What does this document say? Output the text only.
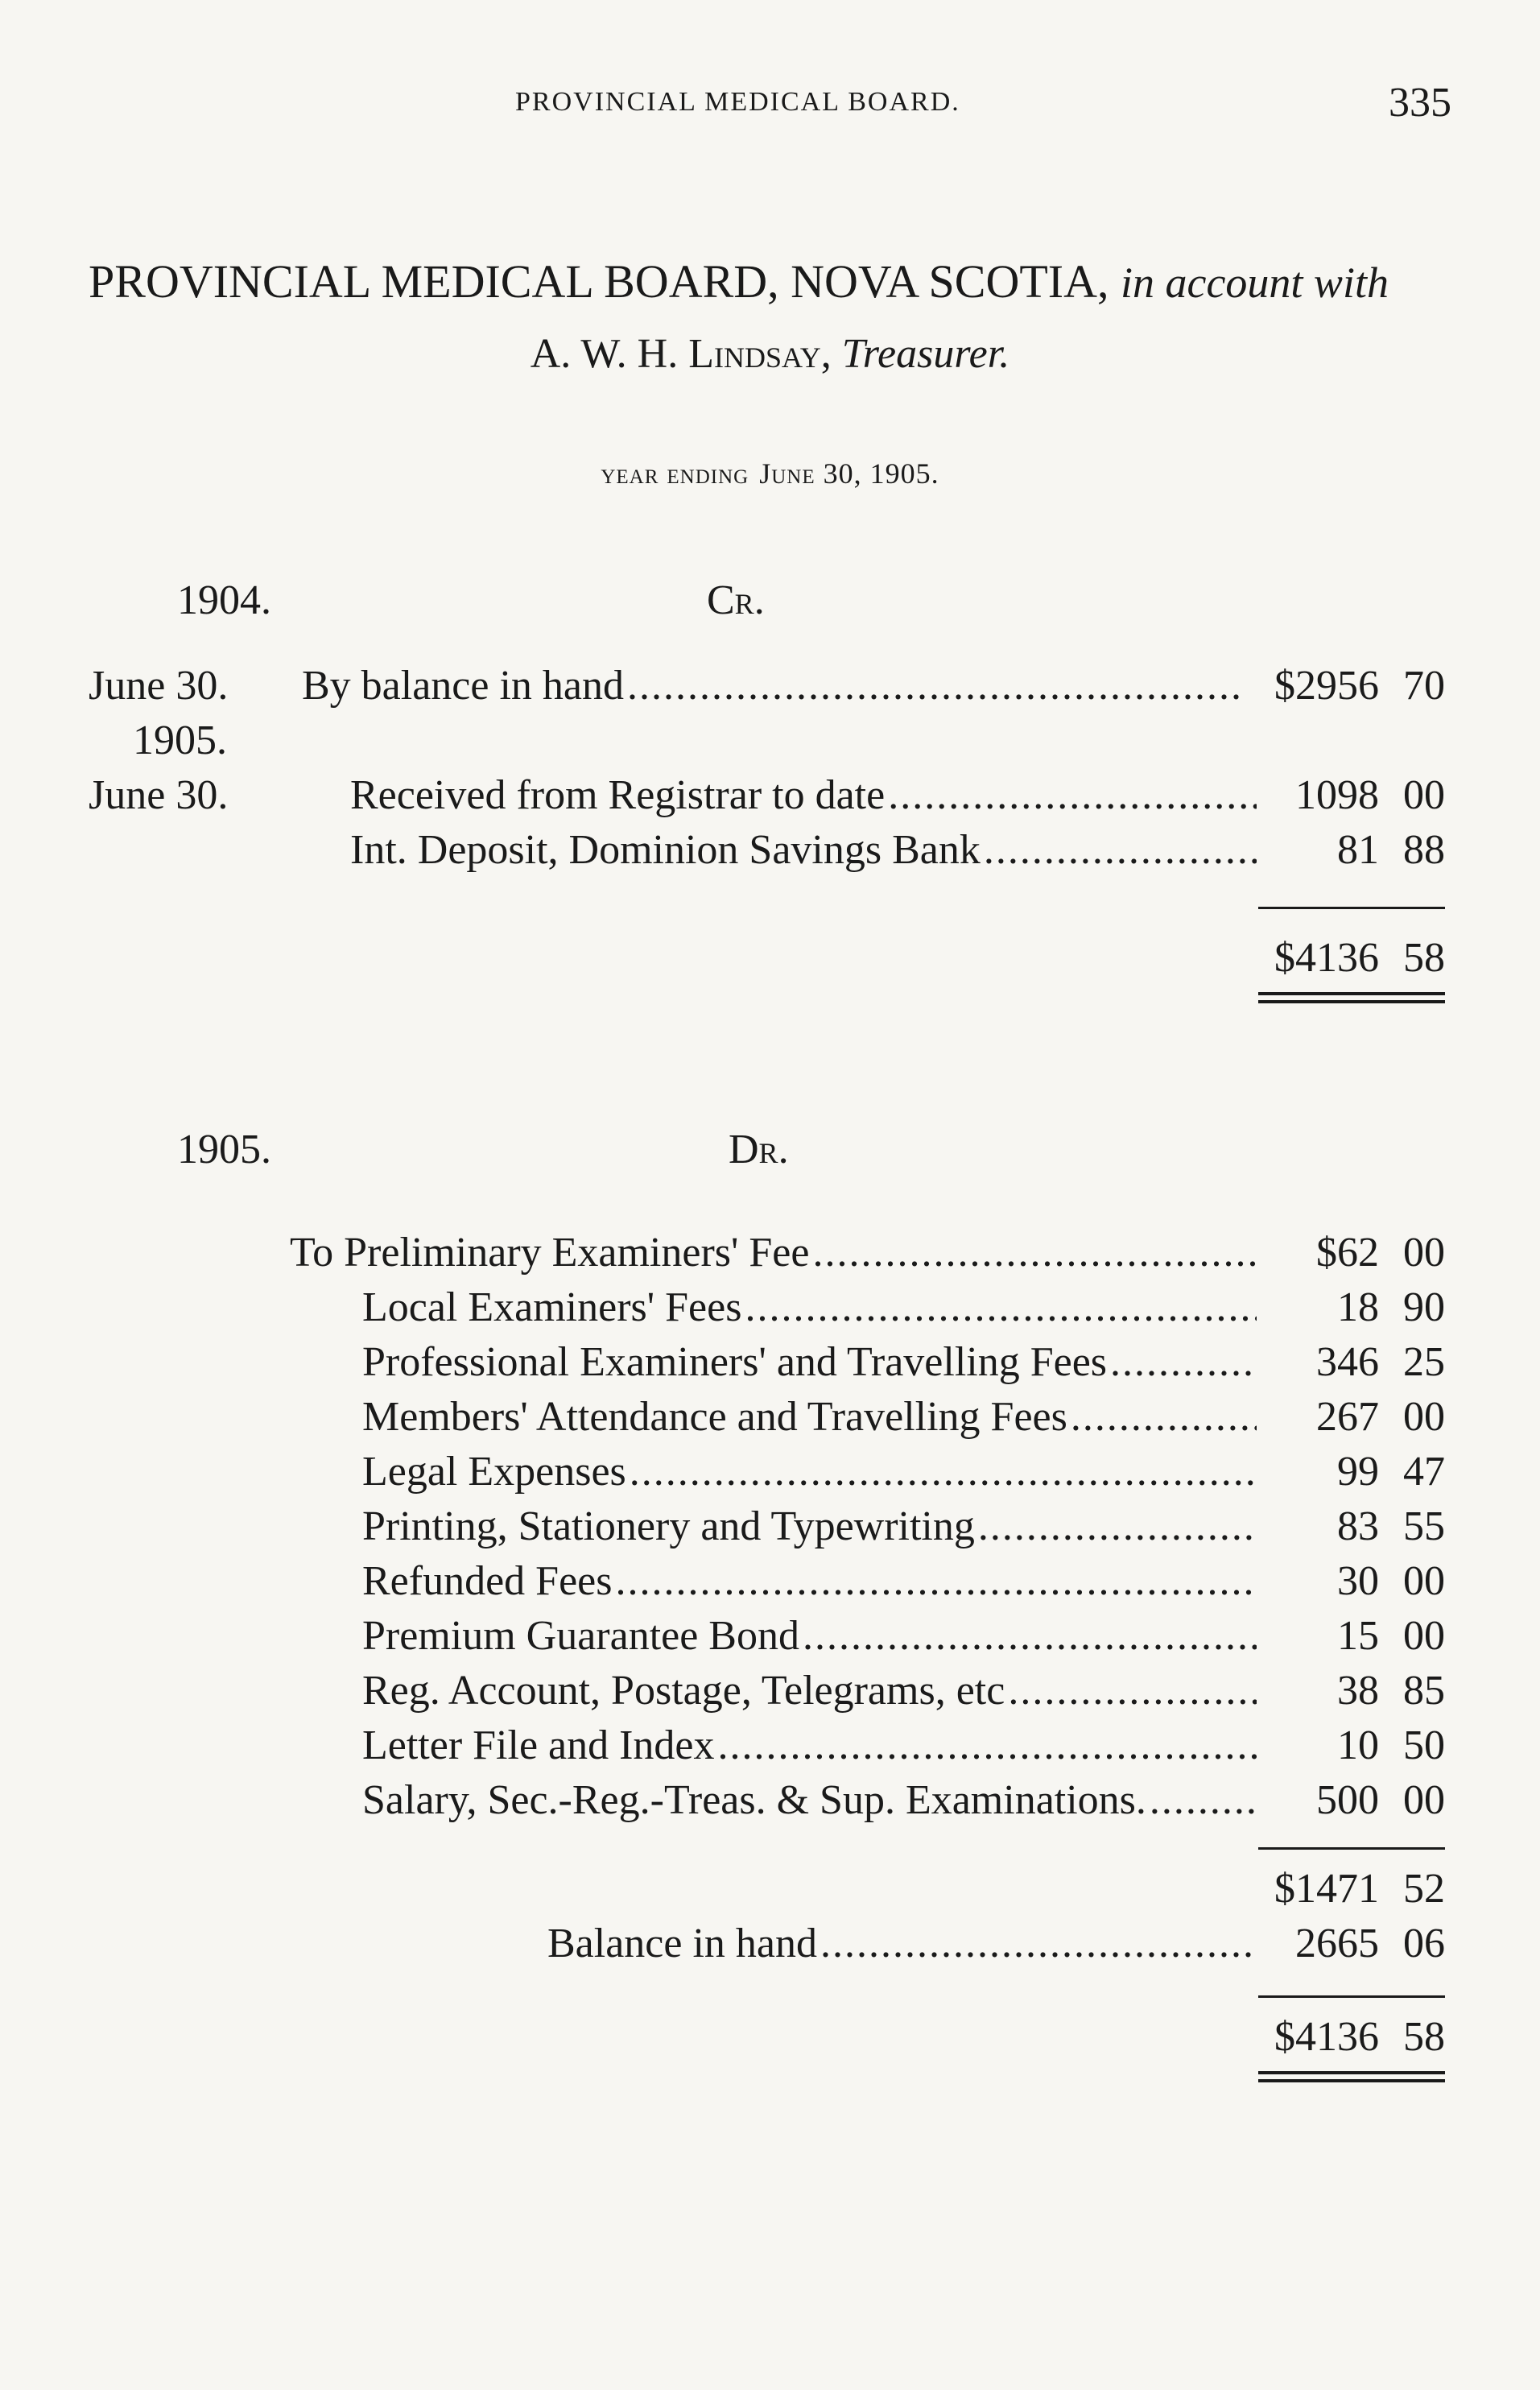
PROVINCIAL MEDICAL BOARD.	335
PROVINCIAL MEDICAL BOARD, NOVA SCOTIA, in account with
A. W. H. Lindsay, Treasurer.
year ending June 30, 1905.
1904.	Cr.
June 30. By balance in hand .....	$ 2956 70
1905.
June 30.	Received from Registrar to date .....	1098 00
Int. Deposit, Dominion Savings Bank .....	81 88
$ 4136 58
1905.	Dr.
To Preliminary Examiners' Fee .....	$ 62 00
Local Examiners' Fees .....	18 90
Professional Examiners' and Travelling Fees .....	346 25
Members' Attendance and Travelling Fees .....	267 00
Legal Expenses .....	99 47
Printing, Stationery and Typewriting .....	83 55
Refunded Fees .....	30 00
Premium Guarantee Bond .....	15 00
Reg. Account, Postage, Telegrams, etc .....	38 85
Letter File and Index .....	10 50
Salary, Sec.-Reg.-Treas. & Sup. Examinations. .....	500 00
$ 1471 52
Balance in hand .....	2665 06
$ 4136 58
